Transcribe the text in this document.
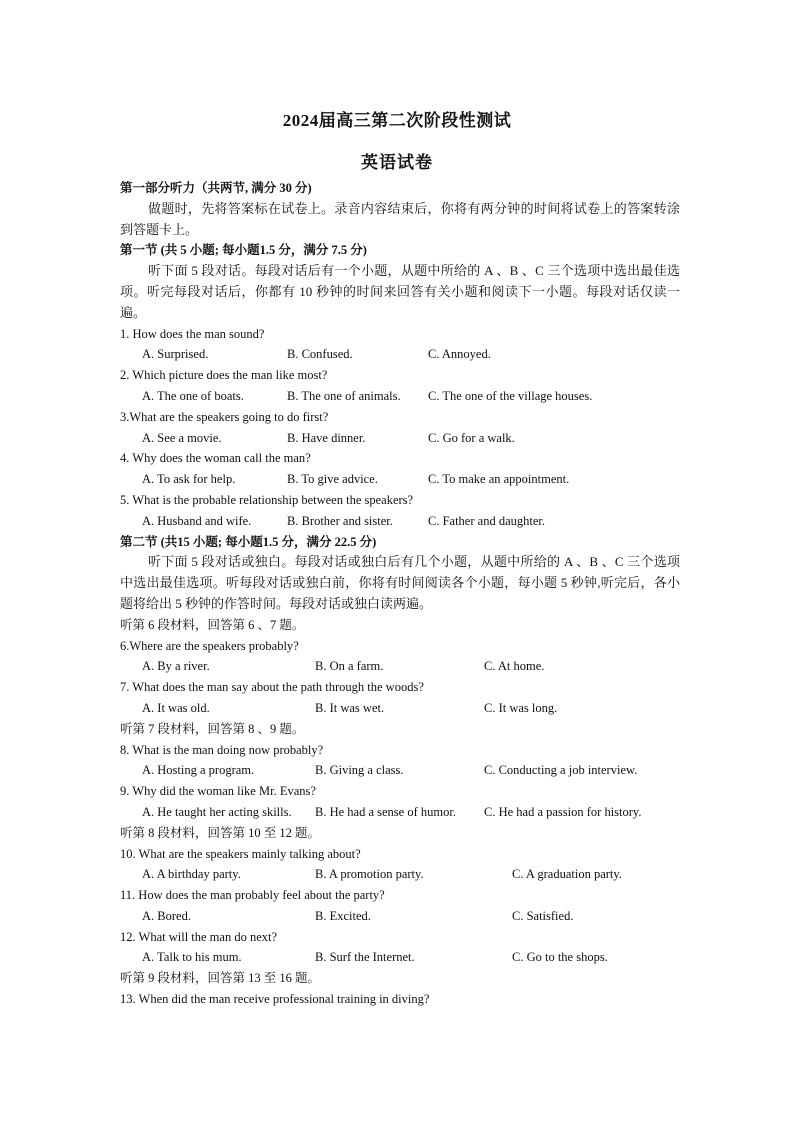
2024届高三第二次阶段性测试
英语试卷
第一部分听力（共两节, 满分 30 分)
做题时，先将答案标在试卷上。录音内容结束后，你将有两分钟的时间将试卷上的答案转涂到答题卡上。
第一节 (共 5 小题; 每小题1.5 分，满分 7.5 分)
听下面 5 段对话。每段对话后有一个小题，从题中所给的 A 、B 、C 三个选项中选出最佳选项。听完每段对话后，你都有 10 秒钟的时间来回答有关小题和阅读下一小题。每段对话仅读一遍。
1. How does the man sound?
A. Surprised.	B. Confused.	C. Annoyed.
2. Which picture does the man like most?
A. The one of boats.	B. The one of animals. C. The one of the village houses.
3.What are the speakers going to do first?
A. See a movie.	B. Have dinner.	C. Go for a walk.
4. Why does the woman call the man?
A. To ask for help.	B. To give advice.	C. To make an appointment.
5. What is the probable relationship between the speakers?
A. Husband and wife.	B. Brother and sister.	C. Father and daughter.
第二节 (共15 小题; 每小题1.5 分，满分 22.5 分)
听下面 5 段对话或独白。每段对话或独白后有几个小题，从题中所给的 A 、B 、C 三个选项中选出最佳选项。听每段对话或独白前，你将有时间阅读各个小题，每小题 5 秒钟,听完后，各小题将给出 5 秒钟的作答时间。每段对话或独白读两遍。
听第 6 段材料，回答第 6 、7 题。
6.Where are the speakers probably?
A. By a river.	B. On a farm.	C. At home.
7. What does the man say about the path through the woods?
A. It was old.	B. It was wet.	C. It was long.
听第 7 段材料，回答第 8 、9 题。
8. What is the man doing now probably?
A. Hosting a program.	B. Giving a class.	C. Conducting a job interview.
9. Why did the woman like Mr. Evans?
A. He taught her acting skills. B. He had a sense of humor. C. He had a passion for history.
听第 8 段材料，回答第 10 至 12 题。
10. What are the speakers mainly talking about?
A. A birthday party.	B. A promotion party.	C. A graduation party.
11. How does the man probably feel about the party?
A. Bored.	B. Excited.	C. Satisfied.
12. What will the man do next?
A. Talk to his mum.	B. Surf the Internet.	C. Go to the shops.
听第 9 段材料，回答第 13 至 16 题。
13. When did the man receive professional training in diving?
